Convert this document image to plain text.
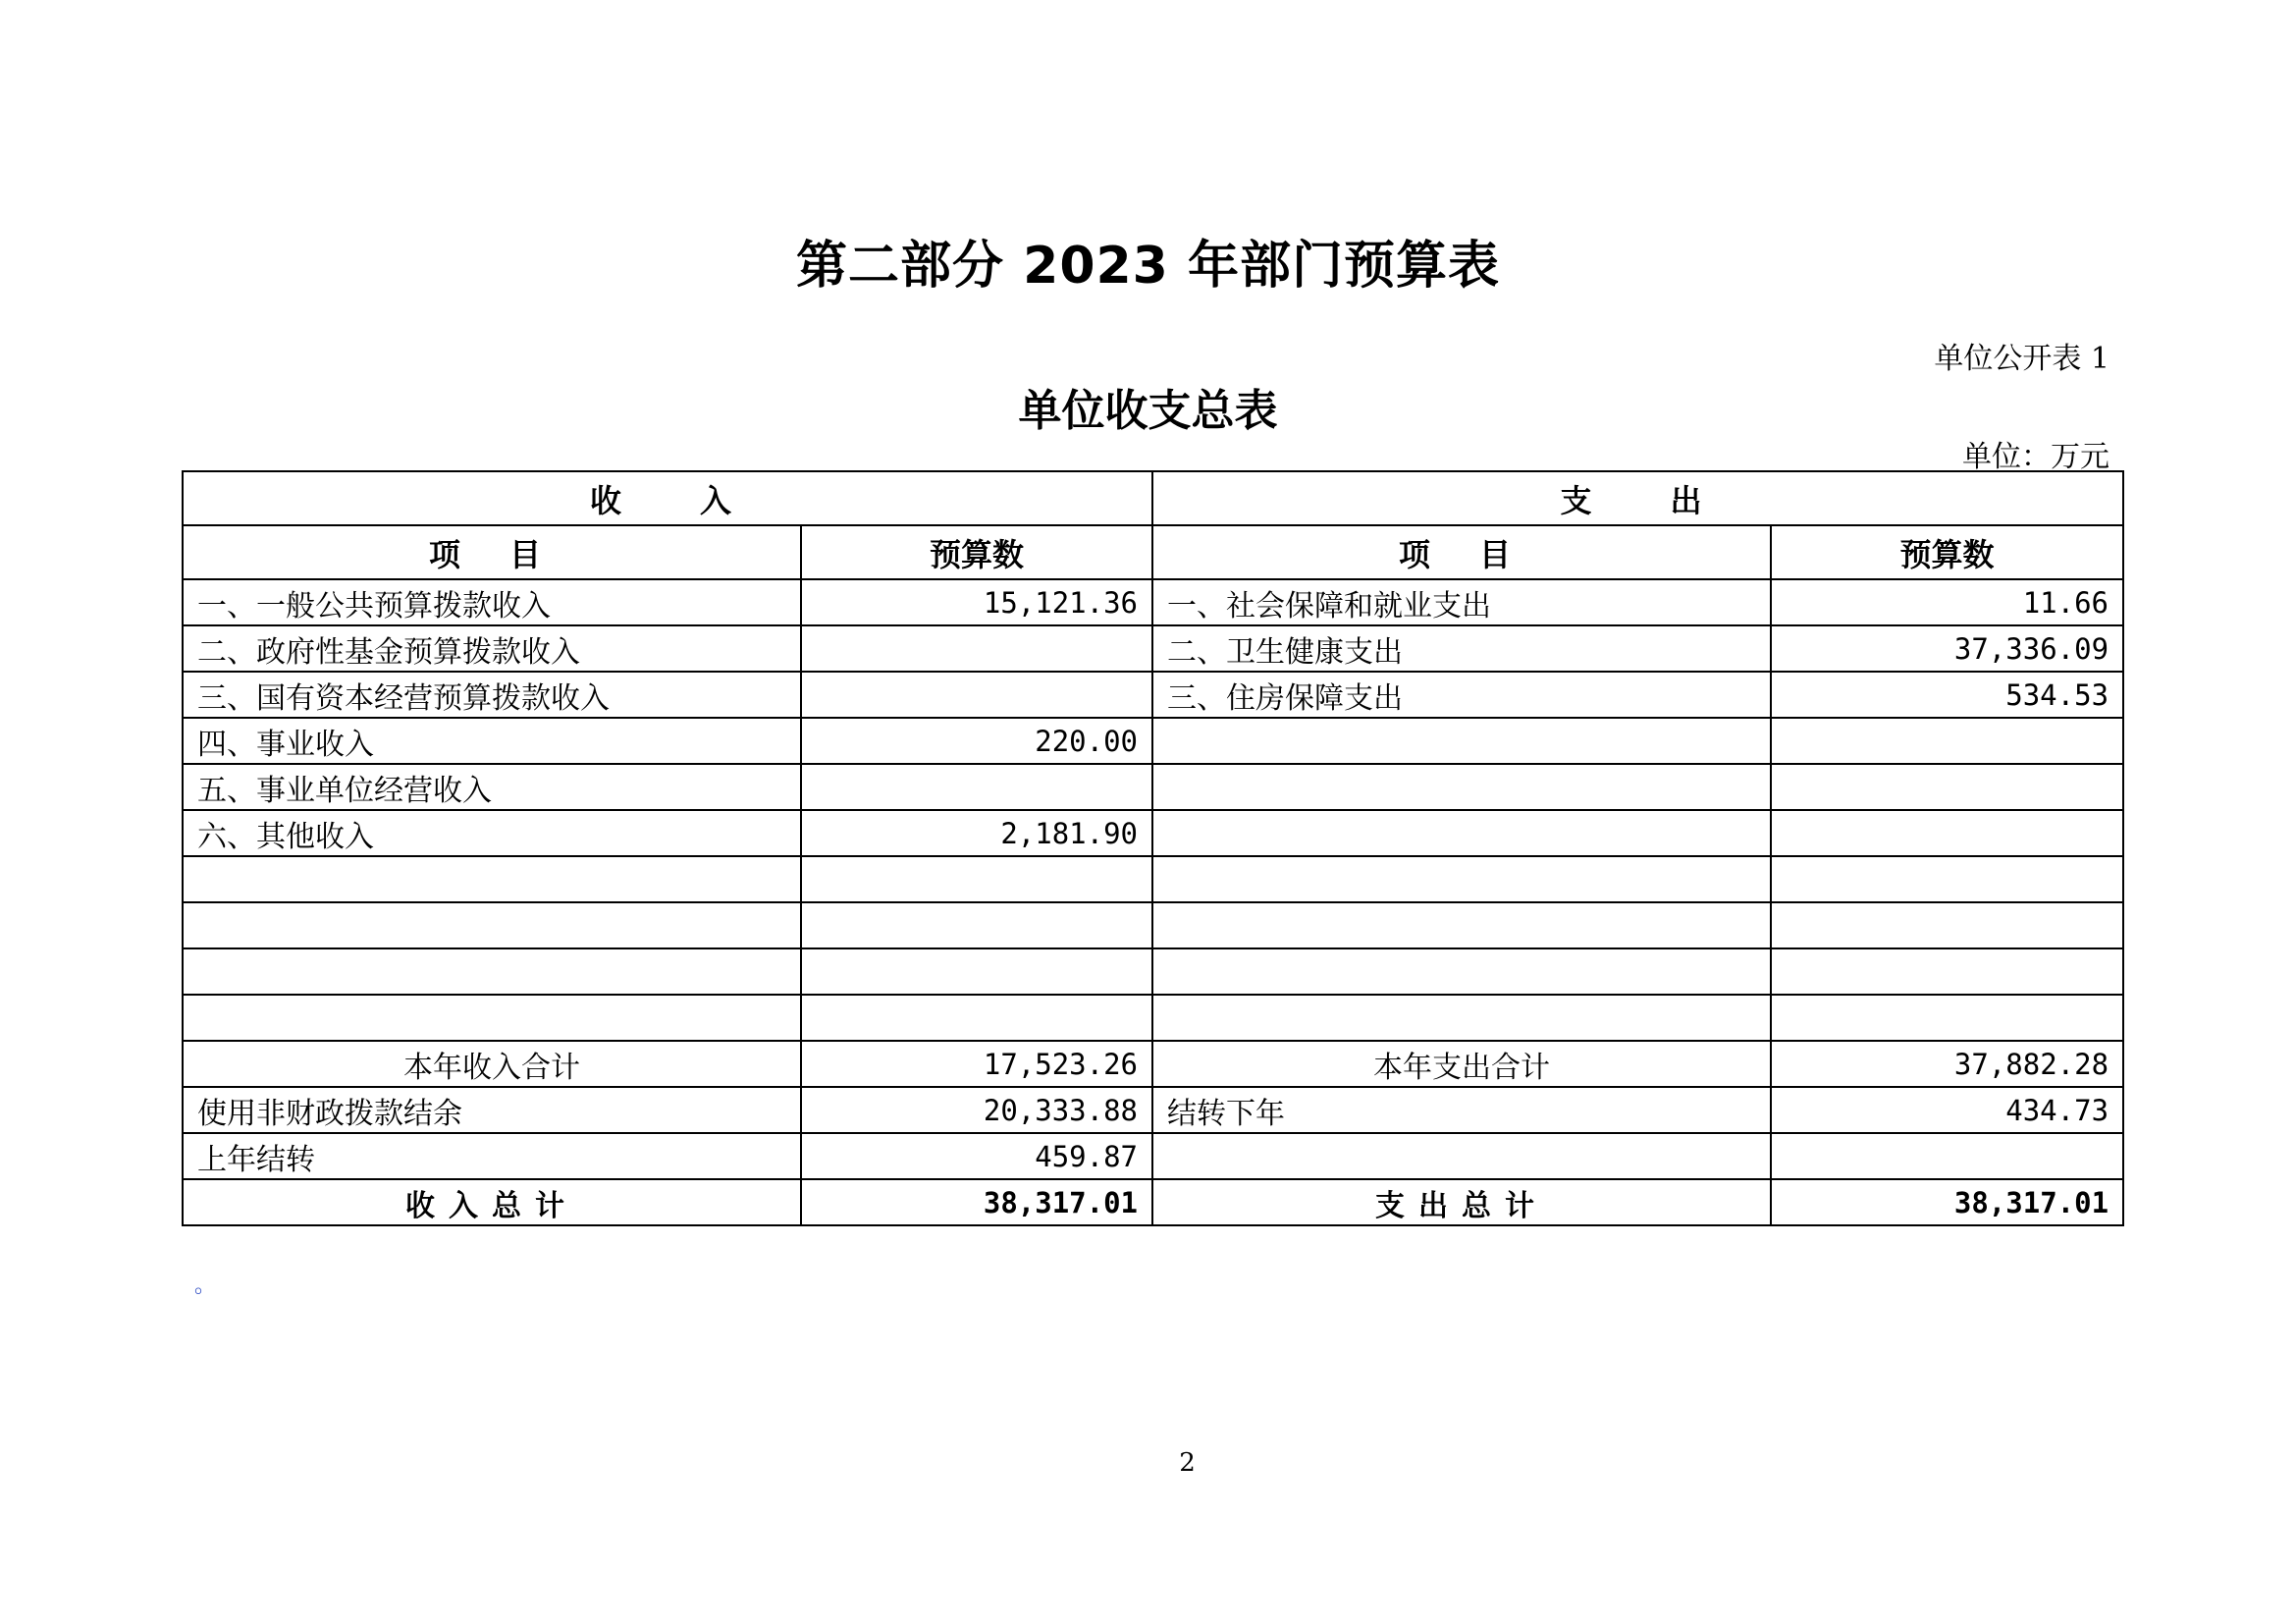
第二部分 2023 年部门预算表
单位公开表 1
单位收支总表
单位：万元
收入		支出	
项目	预算数	项目	预算数
一、一般公共预算拨款收入	15,121.36	一、社会保障和就业支出	11.66
二、政府性基金预算拨款收入		二、卫生健康支出	37,336.09
三、国有资本经营预算拨款收入		三、住房保障支出	534.53
四、事业收入	220.00		
五、事业单位经营收入			
六、其他收入	2,181.90		

本年收入合计	17,523.26	本年支出合计	37,882.28
使用非财政拨款结余	20,333.88	结转下年	434.73
上年结转	459.87		
收入总计	38,317.01	支出总计	38,317.01
。
2
